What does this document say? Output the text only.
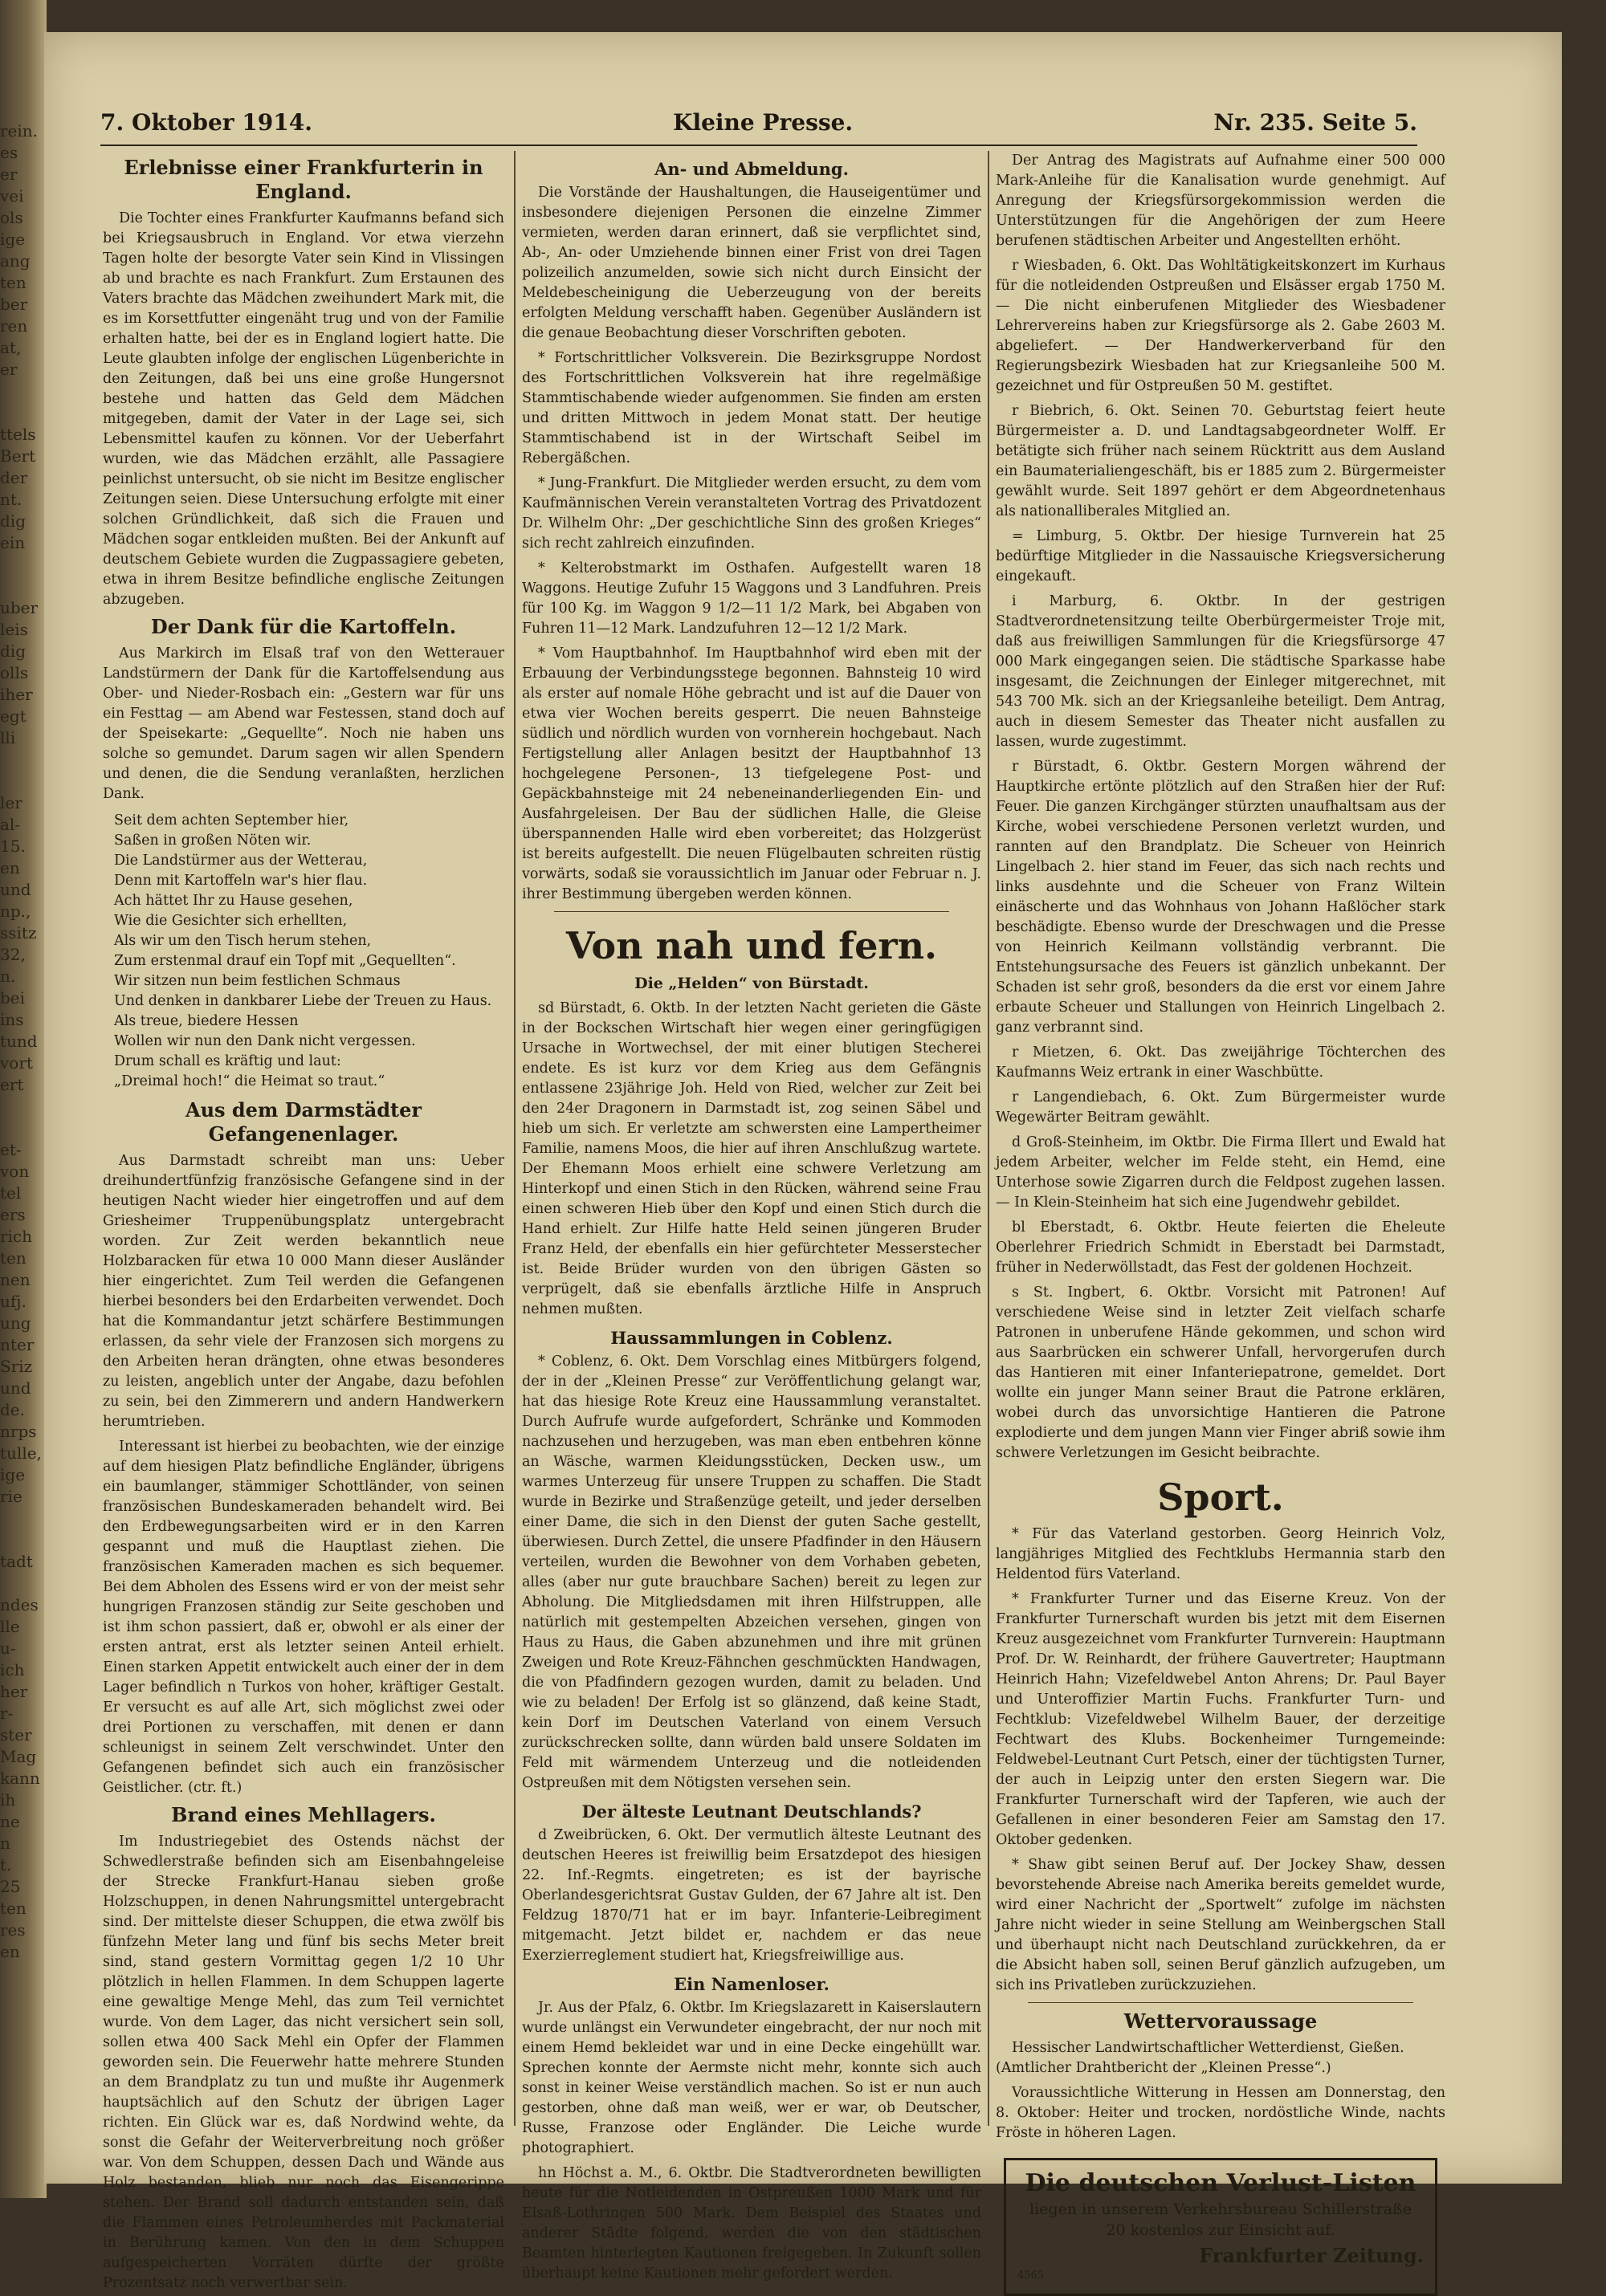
rein.
es
er
vei
ols
ige
ang
ten
ber
ren
at,
er

ttels
Bert
der
nt.
dig
ein

uber
leis
dig
olls
iher
egt
lli

ler
al-
15.
en
und
np.,
ssitz
32,
n.
bei
ins
tund
vort
ert

et-
von
tel
ers
rich
ten
nen
ufj.
ung
nter
Sriz
und
de.
nrps
tulle,
ige
rie

tadt

ndes
lle
u-
ich
her
r-
ster
Mag
kann
ih
ne
n
t.
25
ten
res
en
7. Oktober 1914.	Kleine Presse.	Nr. 235. Seite 5.
Erlebnisse einer Frankfurterin in England.

Die Tochter eines Frankfurter Kaufmanns befand sich bei Kriegsausbruch in England. Vor etwa vierzehn Tagen holte der besorgte Vater sein Kind in Vlissingen ab und brachte es nach Frankfurt. Zum Erstaunen des Vaters brachte das Mädchen zweihundert Mark mit, die es im Korsettfutter eingenäht trug und von der Familie erhalten hatte, bei der es in England logiert hatte. Die Leute glaubten infolge der englischen Lügenberichte in den Zeitungen, daß bei uns eine große Hungersnot bestehe und hatten das Geld dem Mädchen mitgegeben, damit der Vater in der Lage sei, sich Lebensmittel kaufen zu können. Vor der Ueberfahrt wurden, wie das Mädchen erzählt, alle Passagiere peinlichst untersucht, ob sie nicht im Besitze englischer Zeitungen seien. Diese Untersuchung erfolgte mit einer solchen Gründlichkeit, daß sich die Frauen und Mädchen sogar entkleiden mußten. Bei der Ankunft auf deutschem Gebiete wurden die Zugpassagiere gebeten, etwa in ihrem Besitze befindliche englische Zeitungen abzugeben.

Der Dank für die Kartoffeln.

Aus Markirch im Elsaß traf von den Wetterauer Landstürmern der Dank für die Kartoffelsendung aus Ober- und Nieder-Rosbach ein: „Gestern war für uns ein Festtag — am Abend war Festessen, stand doch auf der Speisekarte: „Gequellte“. Noch nie haben uns solche so gemundet. Darum sagen wir allen Spendern und denen, die die Sendung veranlaßten, herzlichen Dank.

Seit dem achten September hier,
Saßen in großen Nöten wir.
Die Landstürmer aus der Wetterau,
Denn mit Kartoffeln war's hier flau.
Ach hättet Ihr zu Hause gesehen,
Wie die Gesichter sich erhellten,
Als wir um den Tisch herum stehen,
Zum erstenmal drauf ein Topf mit „Gequellten“.
Wir sitzen nun beim festlichen Schmaus
Und denken in dankbarer Liebe der Treuen zu Haus.
Als treue, biedere Hessen
Wollen wir nun den Dank nicht vergessen.
Drum schall es kräftig und laut:
„Dreimal hoch!“ die Heimat so traut.“
Aus dem Darmstädter Gefangenenlager.

Aus Darmstadt schreibt man uns: Ueber dreihundertfünfzig französische Gefangene sind in der heutigen Nacht wieder hier eingetroffen und auf dem Griesheimer Truppenübungsplatz untergebracht worden. Zur Zeit werden bekanntlich neue Holzbaracken für etwa 10 000 Mann dieser Ausländer hier eingerichtet. Zum Teil werden die Gefangenen hierbei besonders bei den Erdarbeiten verwendet. Doch hat die Kommandantur jetzt schärfere Bestimmungen erlassen, da sehr viele der Franzosen sich morgens zu den Arbeiten heran drängten, ohne etwas besonderes zu leisten, angeblich unter der Angabe, dazu befohlen zu sein, bei den Zimmerern und andern Handwerkern herumtrieben.

Interessant ist hierbei zu beobachten, wie der einzige auf dem hiesigen Platz befindliche Engländer, übrigens ein baumlanger, stämmiger Schottländer, von seinen französischen Bundeskameraden behandelt wird. Bei den Erdbewegungsarbeiten wird er in den Karren gespannt und muß die Hauptlast ziehen. Die französischen Kameraden machen es sich bequemer. Bei dem Abholen des Essens wird er von der meist sehr hungrigen Franzosen ständig zur Seite geschoben und ist ihm schon passiert, daß er, obwohl er als einer der ersten antrat, erst als letzter seinen Anteil erhielt. Einen starken Appetit entwickelt auch einer der in dem Lager befindlich n Turkos von hoher, kräftiger Gestalt. Er versucht es auf alle Art, sich möglichst zwei oder drei Portionen zu verschaffen, mit denen er dann schleunigst in seinem Zelt verschwindet. Unter den Gefangenen befindet sich auch ein französischer Geistlicher. (ctr. ft.)

Brand eines Mehllagers.

Im Industriegebiet des Ostends nächst der Schwedlerstraße befinden sich am Eisenbahngeleise der Strecke Frankfurt-Hanau sieben große Holzschuppen, in denen Nahrungsmittel untergebracht sind. Der mittelste dieser Schuppen, die etwa zwölf bis fünfzehn Meter lang und fünf bis sechs Meter breit sind, stand gestern Vormittag gegen 1/2 10 Uhr plötzlich in hellen Flammen. In dem Schuppen lagerte eine gewaltige Menge Mehl, das zum Teil vernichtet wurde. Von dem Lager, das nicht versichert sein soll, sollen etwa 400 Sack Mehl ein Opfer der Flammen geworden sein. Die Feuerwehr hatte mehrere Stunden an dem Brandplatz zu tun und mußte ihr Augenmerk hauptsächlich auf den Schutz der übrigen Lager richten. Ein Glück war es, daß Nordwind wehte, da sonst die Gefahr der Weiterverbreitung noch größer war. Von dem Schuppen, dessen Dach und Wände aus Holz bestanden, blieb nur noch das Eisengerippe stehen. Der Brand soll dadurch entstanden sein, daß die Flammen eines Petroleumherdes mit Packmaterial in Berührung kamen. Von den in dem Schuppen aufgespeicherten Vorräten dürfte der größte Prozentsatz noch verwertbar sein.

An- und Abmeldung.

Die Vorstände der Haushaltungen, die Hauseigentümer und insbesondere diejenigen Personen die einzelne Zimmer vermieten, werden daran erinnert, daß sie verpflichtet sind, Ab-, An- oder Umziehende binnen einer Frist von drei Tagen polizeilich anzumelden, sowie sich nicht durch Einsicht der Meldebescheinigung die Ueberzeugung von der bereits erfolgten Meldung verschafft haben. Gegenüber Ausländern ist die genaue Beobachtung dieser Vorschriften geboten.

* Fortschrittlicher Volksverein. Die Bezirksgruppe Nordost des Fortschrittlichen Volksverein hat ihre regelmäßige Stammtischabende wieder aufgenommen. Sie finden am ersten und dritten Mittwoch in jedem Monat statt. Der heutige Stammtischabend ist in der Wirtschaft Seibel im Rebergäßchen.

* Jung-Frankfurt. Die Mitglieder werden ersucht, zu dem vom Kaufmännischen Verein veranstalteten Vortrag des Privatdozent Dr. Wilhelm Ohr: „Der geschichtliche Sinn des großen Krieges“ sich recht zahlreich einzufinden.

* Kelterobstmarkt im Osthafen. Aufgestellt waren 18 Waggons. Heutige Zufuhr 15 Waggons und 3 Landfuhren. Preis für 100 Kg. im Waggon 9 1/2—11 1/2 Mark, bei Abgaben von Fuhren 11—12 Mark. Landzufuhren 12—12 1/2 Mark.

* Vom Hauptbahnhof. Im Hauptbahnhof wird eben mit der Erbauung der Verbindungsstege begonnen. Bahnsteig 10 wird als erster auf nomale Höhe gebracht und ist auf die Dauer von etwa vier Wochen bereits gesperrt. Die neuen Bahnsteige südlich und nördlich wurden von vornherein hochgebaut. Nach Fertigstellung aller Anlagen besitzt der Hauptbahnhof 13 hochgelegene Personen-, 13 tiefgelegene Post- und Gepäckbahnsteige mit 24 nebeneinanderliegenden Ein- und Ausfahrgeleisen. Der Bau der südlichen Halle, die Gleise überspannenden Halle wird eben vorbereitet; das Holzgerüst ist bereits aufgestellt. Die neuen Flügelbauten schreiten rüstig vorwärts, sodaß sie voraussichtlich im Januar oder Februar n. J. ihrer Bestimmung übergeben werden können.

Von nah und fern.
Die „Helden“ von Bürstadt.

sd Bürstadt, 6. Oktb. In der letzten Nacht gerieten die Gäste in der Bockschen Wirtschaft hier wegen einer geringfügigen Ursache in Wortwechsel, der mit einer blutigen Stecherei endete. Es ist kurz vor dem Krieg aus dem Gefängnis entlassene 23jährige Joh. Held von Ried, welcher zur Zeit bei den 24er Dragonern in Darmstadt ist, zog seinen Säbel und hieb um sich. Er verletzte am schwersten eine Lampertheimer Familie, namens Moos, die hier auf ihren Anschlußzug wartete. Der Ehemann Moos erhielt eine schwere Verletzung am Hinterkopf und einen Stich in den Rücken, während seine Frau einen schweren Hieb über den Kopf und einen Stich durch die Hand erhielt. Zur Hilfe hatte Held seinen jüngeren Bruder Franz Held, der ebenfalls ein hier gefürchteter Messerstecher ist. Beide Brüder wurden von den übrigen Gästen so verprügelt, daß sie ebenfalls ärztliche Hilfe in Anspruch nehmen mußten.

Haussammlungen in Coblenz.

* Coblenz, 6. Okt. Dem Vorschlag eines Mitbürgers folgend, der in der „Kleinen Presse“ zur Veröffentlichung gelangt war, hat das hiesige Rote Kreuz eine Haussammlung veranstaltet. Durch Aufrufe wurde aufgefordert, Schränke und Kommoden nachzusehen und herzugeben, was man eben entbehren könne an Wäsche, warmen Kleidungsstücken, Decken usw., um warmes Unterzeug für unsere Truppen zu schaffen. Die Stadt wurde in Bezirke und Straßenzüge geteilt, und jeder derselben einer Dame, die sich in den Dienst der guten Sache gestellt, überwiesen. Durch Zettel, die unsere Pfadfinder in den Häusern verteilen, wurden die Bewohner von dem Vorhaben gebeten, alles (aber nur gute brauchbare Sachen) bereit zu legen zur Abholung. Die Mitgliedsdamen mit ihren Hilfstruppen, alle natürlich mit gestempelten Abzeichen versehen, gingen von Haus zu Haus, die Gaben abzunehmen und ihre mit grünen Zweigen und Rote Kreuz-Fähnchen geschmückten Handwagen, die von Pfadfindern gezogen wurden, damit zu beladen. Und wie zu beladen! Der Erfolg ist so glänzend, daß keine Stadt, kein Dorf im Deutschen Vaterland von einem Versuch zurückschrecken sollte, dann würden bald unsere Soldaten im Feld mit wärmendem Unterzeug und die notleidenden Ostpreußen mit dem Nötigsten versehen sein.

Der älteste Leutnant Deutschlands?

d Zweibrücken, 6. Okt. Der vermutlich älteste Leutnant des deutschen Heeres ist freiwillig beim Ersatzdepot des hiesigen 22. Inf.-Regmts. eingetreten; es ist der bayrische Oberlandesgerichtsrat Gustav Gulden, der 67 Jahre alt ist. Den Feldzug 1870/71 hat er im bayr. Infanterie-Leibregiment mitgemacht. Jetzt bildet er, nachdem er das neue Exerzierreglement studiert hat, Kriegsfreiwillige aus.

Ein Namenloser.

Jr. Aus der Pfalz, 6. Oktbr. Im Kriegslazarett in Kaiserslautern wurde unlängst ein Verwundeter eingebracht, der nur noch mit einem Hemd bekleidet war und in eine Decke eingehüllt war. Sprechen konnte der Aermste nicht mehr, konnte sich auch sonst in keiner Weise verständlich machen. So ist er nun auch gestorben, ohne daß man weiß, wer er war, ob Deutscher, Russe, Franzose oder Engländer. Die Leiche wurde photographiert.

hn Höchst a. M., 6. Oktbr. Die Stadtverordneten bewilligten heute für die Notleidenden in Ostpreußen 1000 Mark und für Elsaß-Lothringen 500 Mark. Dem Beispiel des Staates und anderer Städte folgend, werden die von den städtischen Beamten hinterlegten Kautionen freigegeben. In Zukunft sollen überhaupt keine Kautionen mehr gefordert werden.

Der Antrag des Magistrats auf Aufnahme einer 500 000 Mark-Anleihe für die Kanalisation wurde genehmigt. Auf Anregung der Kriegsfürsorgekommission werden die Unterstützungen für die Angehörigen der zum Heere berufenen städtischen Arbeiter und Angestellten erhöht.

r Wiesbaden, 6. Okt. Das Wohltätigkeitskonzert im Kurhaus für die notleidenden Ostpreußen und Elsässer ergab 1750 M. — Die nicht einberufenen Mitglieder des Wiesbadener Lehrervereins haben zur Kriegsfürsorge als 2. Gabe 2603 M. abgeliefert. — Der Handwerkerverband für den Regierungsbezirk Wiesbaden hat zur Kriegsanleihe 500 M. gezeichnet und für Ostpreußen 50 M. gestiftet.

r Biebrich, 6. Okt. Seinen 70. Geburtstag feiert heute Bürgermeister a. D. und Landtagsabgeordneter Wolff. Er betätigte sich früher nach seinem Rücktritt aus dem Ausland ein Baumaterialiengeschäft, bis er 1885 zum 2. Bürgermeister gewählt wurde. Seit 1897 gehört er dem Abgeordnetenhaus als nationalliberales Mitglied an.

= Limburg, 5. Oktbr. Der hiesige Turnverein hat 25 bedürftige Mitglieder in die Nassauische Kriegsversicherung eingekauft.

i Marburg, 6. Oktbr. In der gestrigen Stadtverordnetensitzung teilte Oberbürgermeister Troje mit, daß aus freiwilligen Sammlungen für die Kriegsfürsorge 47 000 Mark eingegangen seien. Die städtische Sparkasse habe insgesamt, die Zeichnungen der Einleger mitgerechnet, mit 543 700 Mk. sich an der Kriegsanleihe beteiligt. Dem Antrag, auch in diesem Semester das Theater nicht ausfallen zu lassen, wurde zugestimmt.

r Bürstadt, 6. Oktbr. Gestern Morgen während der Hauptkirche ertönte plötzlich auf den Straßen hier der Ruf: Feuer. Die ganzen Kirchgänger stürzten unaufhaltsam aus der Kirche, wobei verschiedene Personen verletzt wurden, und rannten auf den Brandplatz. Die Scheuer von Heinrich Lingelbach 2. hier stand im Feuer, das sich nach rechts und links ausdehnte und die Scheuer von Franz Wiltein einäscherte und das Wohnhaus von Johann Haßlöcher stark beschädigte. Ebenso wurde der Dreschwagen und die Presse von Heinrich Keilmann vollständig verbrannt. Die Entstehungsursache des Feuers ist gänzlich unbekannt. Der Schaden ist sehr groß, besonders da die erst vor einem Jahre erbaute Scheuer und Stallungen von Heinrich Lingelbach 2. ganz verbrannt sind.

r Mietzen, 6. Okt. Das zweijährige Töchterchen des Kaufmanns Weiz ertrank in einer Waschbütte.

r Langendiebach, 6. Okt. Zum Bürgermeister wurde Wegewärter Beitram gewählt.

d Groß-Steinheim, im Oktbr. Die Firma Illert und Ewald hat jedem Arbeiter, welcher im Felde steht, ein Hemd, eine Unterhose sowie Zigarren durch die Feldpost zugehen lassen. — In Klein-Steinheim hat sich eine Jugendwehr gebildet.

bl Eberstadt, 6. Oktbr. Heute feierten die Eheleute Oberlehrer Friedrich Schmidt in Eberstadt bei Darmstadt, früher in Nederwöllstadt, das Fest der goldenen Hochzeit.

s St. Ingbert, 6. Oktbr. Vorsicht mit Patronen! Auf verschiedene Weise sind in letzter Zeit vielfach scharfe Patronen in unberufene Hände gekommen, und schon wird aus Saarbrücken ein schwerer Unfall, hervorgerufen durch das Hantieren mit einer Infanteriepatrone, gemeldet. Dort wollte ein junger Mann seiner Braut die Patrone erklären, wobei durch das unvorsichtige Hantieren die Patrone explodierte und dem jungen Mann vier Finger abriß sowie ihm schwere Verletzungen im Gesicht beibrachte.

Sport.

* Für das Vaterland gestorben. Georg Heinrich Volz, langjähriges Mitglied des Fechtklubs Hermannia starb den Heldentod fürs Vaterland.

* Frankfurter Turner und das Eiserne Kreuz. Von der Frankfurter Turnerschaft wurden bis jetzt mit dem Eisernen Kreuz ausgezeichnet vom Frankfurter Turnverein: Hauptmann Prof. Dr. W. Reinhardt, der frühere Gauvertreter; Hauptmann Heinrich Hahn; Vizefeldwebel Anton Ahrens; Dr. Paul Bayer und Unteroffizier Martin Fuchs. Frankfurter Turn- und Fechtklub: Vizefeldwebel Wilhelm Bauer, der derzeitige Fechtwart des Klubs. Bockenheimer Turngemeinde: Feldwebel-Leutnant Curt Petsch, einer der tüchtigsten Turner, der auch in Leipzig unter den ersten Siegern war. Die Frankfurter Turnerschaft wird der Tapferen, wie auch der Gefallenen in einer besonderen Feier am Samstag den 17. Oktober gedenken.

* Shaw gibt seinen Beruf auf. Der Jockey Shaw, dessen bevorstehende Abreise nach Amerika bereits gemeldet wurde, wird einer Nachricht der „Sportwelt“ zufolge im nächsten Jahre nicht wieder in seine Stellung am Weinbergschen Stall und überhaupt nicht nach Deutschland zurückkehren, da er die Absicht haben soll, seinen Beruf gänzlich aufzugeben, um sich ins Privatleben zurückzuziehen.

Wettervoraussage

Hessischer Landwirtschaftlicher Wetterdienst, Gießen. (Amtlicher Drahtbericht der „Kleinen Presse“.)

Voraussichtliche Witterung in Hessen am Donnerstag, den 8. Oktober: Heiter und trocken, nordöstliche Winde, nachts Fröste in höheren Lagen.

Die deutschen Verlust-Listen
liegen in unserem Verkehrsbureau Schillerstraße 20 kostenlos zur Einsicht auf.
Frankfurter Zeitung.
4565
